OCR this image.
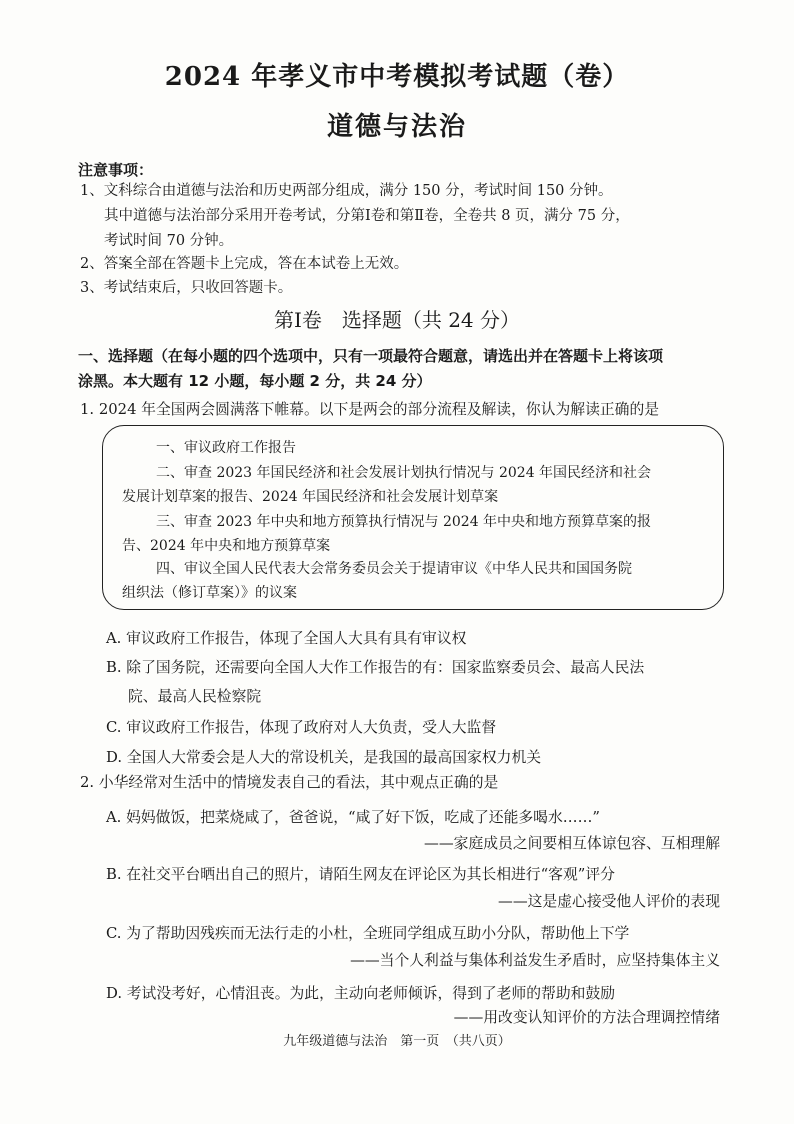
2024 年孝义市中考模拟考试题（卷）
道德与法治
注意事项：
1、文科综合由道德与法治和历史两部分组成，满分 150 分，考试时间 150 分钟。
其中道德与法治部分采用开卷考试，分第Ⅰ卷和第Ⅱ卷，全卷共 8 页，满分 75 分，
考试时间 70 分钟。
2、答案全部在答题卡上完成，答在本试卷上无效。
3、考试结束后，只收回答题卡。
第Ⅰ卷　选择题（共 24 分）
一、选择题（在每小题的四个选项中，只有一项最符合题意，请选出并在答题卡上将该项
涂黑。本大题有 12 小题，每小题 2 分，共 24 分）
1. 2024 年全国两会圆满落下帷幕。以下是两会的部分流程及解读，你认为解读正确的是
一、审议政府工作报告
二、审查 2023 年国民经济和社会发展计划执行情况与 2024 年国民经济和社会
发展计划草案的报告、2024 年国民经济和社会发展计划草案
三、审查 2023 年中央和地方预算执行情况与 2024 年中央和地方预算草案的报
告、2024 年中央和地方预算草案
四、审议全国人民代表大会常务委员会关于提请审议《中华人民共和国国务院
组织法（修订草案）》的议案
A. 审议政府工作报告，体现了全国人大具有具有审议权
B. 除了国务院，还需要向全国人大作工作报告的有：国家监察委员会、最高人民法
院、最高人民检察院
C. 审议政府工作报告，体现了政府对人大负责，受人大监督
D. 全国人大常委会是人大的常设机关，是我国的最高国家权力机关
2. 小华经常对生活中的情境发表自己的看法，其中观点正确的是
A. 妈妈做饭，把菜烧咸了，爸爸说，“咸了好下饭，吃咸了还能多喝水……”
——家庭成员之间要相互体谅包容、互相理解
B. 在社交平台晒出自己的照片，请陌生网友在评论区为其长相进行“客观”评分
——这是虚心接受他人评价的表现
C. 为了帮助因残疾而无法行走的小杜，全班同学组成互助小分队，帮助他上下学
——当个人利益与集体利益发生矛盾时，应坚持集体主义
D. 考试没考好，心情沮丧。为此，主动向老师倾诉，得到了老师的帮助和鼓励
——用改变认知评价的方法合理调控情绪
九年级道德与法治　第一页　（共八页）
